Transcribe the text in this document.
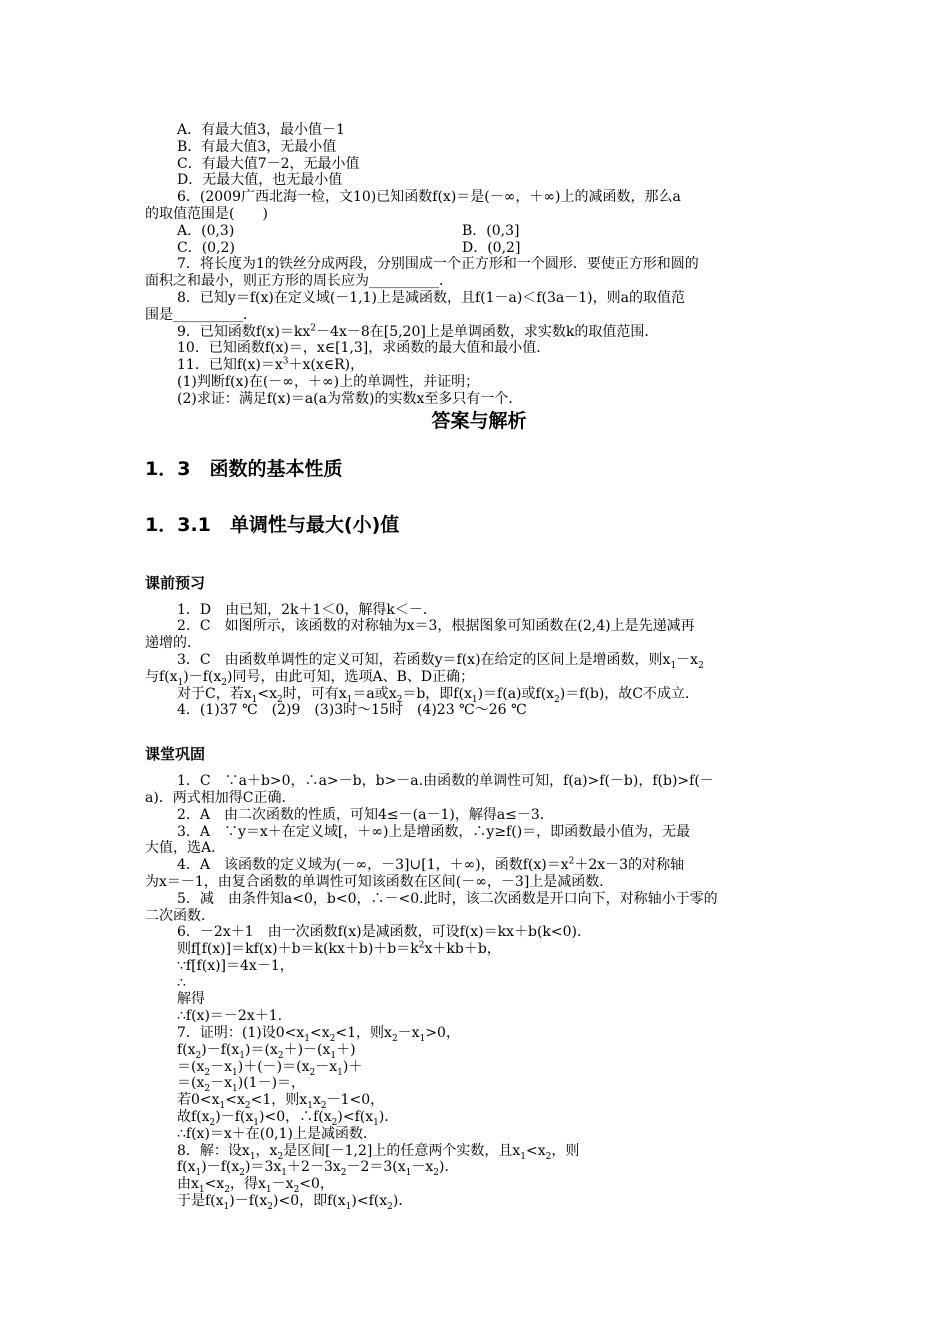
A．有最大值3，最小值－1
B．有最大值3，无最小值
C．有最大值7－2，无最小值
D．无最大值，也无最小值
6．(2009广西北海一检，文10)已知函数f(x)＝是(－∞，＋∞)上的减函数，那么a
的取值范围是(　　)
A．(0,3)	B．(0,3]
C．(0,2)	D．(0,2]
7．将长度为1的铁丝分成两段，分别围成一个正方形和一个圆形．要使正方形和圆的
面积之和最小，则正方形的周长应为__________．
8．已知y＝f(x)在定义域(－1,1)上是减函数，且f(1－a)＜f(3a－1)，则a的取值范
围是__________．
9．已知函数$f(x)=kx^2-4x-8$在[5,20]上是单调函数，求实数k的取值范围．
10．已知函数f(x)＝，x∈[1,3]，求函数的最大值和最小值．
11．已知$f(x)=x^3+x(x\in R)$，
(1)判断f(x)在(－∞，＋∞)上的单调性，并证明；
(2)求证：满足f(x)＝a(a为常数)的实数x至多只有一个．
答案与解析
1．3　函数的基本性质
1．3.1　单调性与最大(小)值
课前预习
1．D　由已知，2k＋1＜0，解得k＜－．
2．C　如图所示，该函数的对称轴为x＝3，根据图象可知函数在(2,4)上是先递减再
递增的．
3．C　由函数单调性的定义可知，若函数y＝f(x)在给定的区间上是增函数，则$x_1-x_2$
与$f(x_1)-f(x_2)$同号，由此可知，选项A、B、D正确；
对于C，若$x_1<x_2$时，可有$x_1=a$或$x_2=b$，即$f(x_1)=f(a)$或$f(x_2)=f(b)$，故C不成立．
4．(1)37 ℃　(2)9　(3)3时～15时　(4)23 ℃～26 ℃
课堂巩固
1．C　∵a＋b>0，∴a>－b，b>－a.由函数的单调性可知，f(a)>f(－b)，f(b)>f(－
a)．两式相加得C正确．
2．A　由二次函数的性质，可知4≤－(a－1)，解得a≤－3．
3．A　∵y＝x＋在定义域[，＋∞)上是增函数，∴y≥f()＝，即函数最小值为，无最
大值，选A．
4．A　该函数的定义域为(－∞，－3]∪[1，＋∞)，函数$f(x)=x^2+2x-3$的对称轴
为x＝－1，由复合函数的单调性可知该函数在区间(－∞，－3]上是减函数．
5．减　由条件知a<0，b<0，∴－<0.此时，该二次函数是开口向下，对称轴小于零的
二次函数．
6．－2x＋1　由一次函数f(x)是减函数，可设f(x)＝kx＋b(k<0)．
则$f[f(x)]=kf(x)+b=k(kx+b)+b=k^2x+kb+b$，
∵f[f(x)]＝4x－1，
∴
解得
∴f(x)＝－2x＋1.
7．证明：(1)设$0<x_1<x_2<1$，则$x_2-x_1>0$，
$f(x_2)-f(x_1)=(x_2+)-(x_1+)$
$=(x_2-x_1)+(-)=(x_2-x_1)+$
$=(x_2-x_1)(1-)=$，
若$0<x_1<x_2<1$，则$x_1x_2-1<0$，
故$f(x_2)-f(x_1)<0$，$\therefore f(x_2)<f(x_1)$．
∴f(x)＝x＋在(0,1)上是减函数．
8．解：设$x_1$，$x_2$是区间[－1,2]上的任意两个实数，且$x_1<x_2$，则
$f(x_1)-f(x_2)=3x_1+2-3x_2-2=3(x_1-x_2)$．
由$x_1<x_2$，得$x_1-x_2<0$，
于是$f(x_1)-f(x_2)<0$，即$f(x_1)<f(x_2)$．
